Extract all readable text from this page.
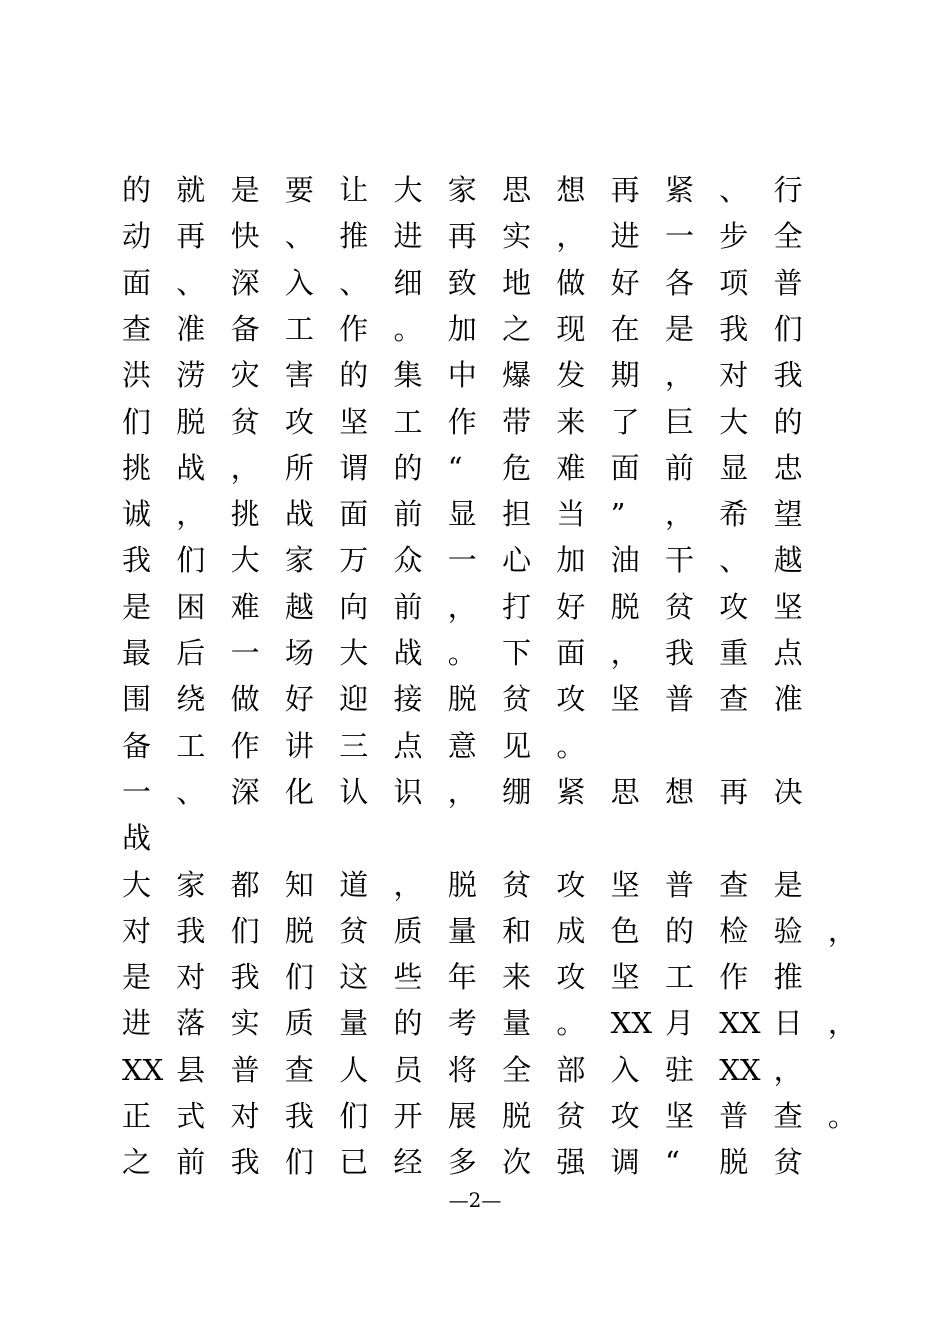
的 就 是 要 让 大 家 思 想 再 紧 、 行
动 再 快 、 推 进 再 实 ， 进 一 步 全
面 、 深 入 、 细 致 地 做 好 各 项 普
查 准 备 工 作 。 加 之 现 在 是 我 们
洪 涝 灾 害 的 集 中 爆 发 期 ， 对 我
们 脱 贫 攻 坚 工 作 带 来 了 巨 大 的
挑 战 ， 所 谓 的 “	危 难 面 前 显 忠
诚 ， 挑 战 面 前 显 担 当 ”	， 希 望
我 们 大 家 万 众 一 心 加 油 干 、 越
是 困 难 越 向 前 ， 打 好 脱 贫 攻 坚
最 后 一 场 大 战 。 下 面 ， 我 重 点
围 绕 做 好 迎 接 脱 贫 攻 坚 普 查 准
备 工 作 讲 三 点 意 见 。
一 、 深 化 认 识 ， 绷 紧 思 想 再 决
战
大 家 都 知 道 ， 脱 贫 攻 坚 普 查 是
对 我 们 脱 贫 质 量 和 成 色 的 检 验 ，
是 对 我 们 这 些 年 来 攻 坚 工 作 推
进 落 实 质 量 的 考 量 。 XX 月 XX 日 ，
XX 县 普 查 人 员 将 全 部 入 驻 XX ，
正 式 对 我 们 开 展 脱 贫 攻 坚 普 查 。
之 前 我 们 已 经 多 次 强 调 “	脱 贫
—2—
